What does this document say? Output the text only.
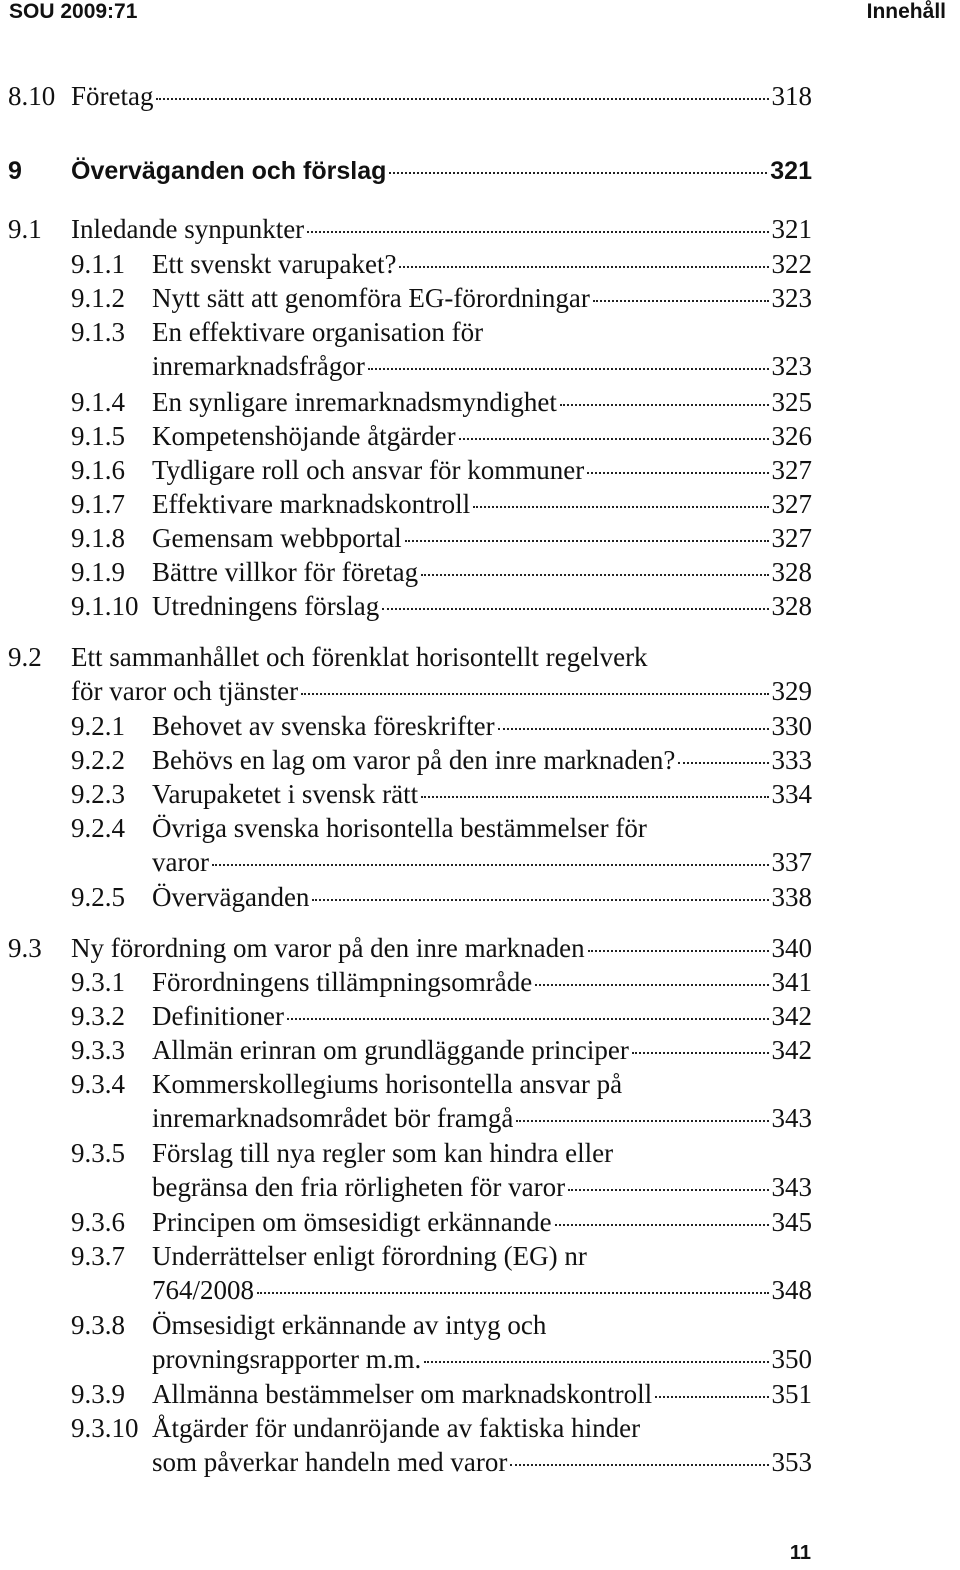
SOU 2009:71	Innehåll
8.10 Företag	318
9 Överväganden och förslag	321
9.1 Inledande synpunkter	321
9.1.1 Ett svenskt varupaket?	322
9.1.2 Nytt sätt att genomföra EG-förordningar	323
9.1.3 En effektivare organisation för
inremarknadsfrågor	323
9.1.4 En synligare inremarknadsmyndighet	325
9.1.5 Kompetenshöjande åtgärder	326
9.1.6 Tydligare roll och ansvar för kommuner	327
9.1.7 Effektivare marknadskontroll	327
9.1.8 Gemensam webbportal	327
9.1.9 Bättre villkor för företag	328
9.1.10 Utredningens förslag	328
9.2 Ett sammanhållet och förenklat horisontellt regelverk
för varor och tjänster	329
9.2.1 Behovet av svenska föreskrifter	330
9.2.2 Behövs en lag om varor på den inre marknaden?	333
9.2.3 Varupaketet i svensk rätt	334
9.2.4 Övriga svenska horisontella bestämmelser för
varor	337
9.2.5 Överväganden	338
9.3 Ny förordning om varor på den inre marknaden	340
9.3.1 Förordningens tillämpningsområde	341
9.3.2 Definitioner	342
9.3.3 Allmän erinran om grundläggande principer	342
9.3.4 Kommerskollegiums horisontella ansvar på
inremarknadsområdet bör framgå	343
9.3.5 Förslag till nya regler som kan hindra eller
begränsa den fria rörligheten för varor	343
9.3.6 Principen om ömsesidigt erkännande	345
9.3.7 Underrättelser enligt förordning (EG) nr
764/2008	348
9.3.8 Ömsesidigt erkännande av intyg och
provningsrapporter m.m.	350
9.3.9 Allmänna bestämmelser om marknadskontroll	351
9.3.10 Åtgärder för undanröjande av faktiska hinder
som påverkar handeln med varor	353
11
